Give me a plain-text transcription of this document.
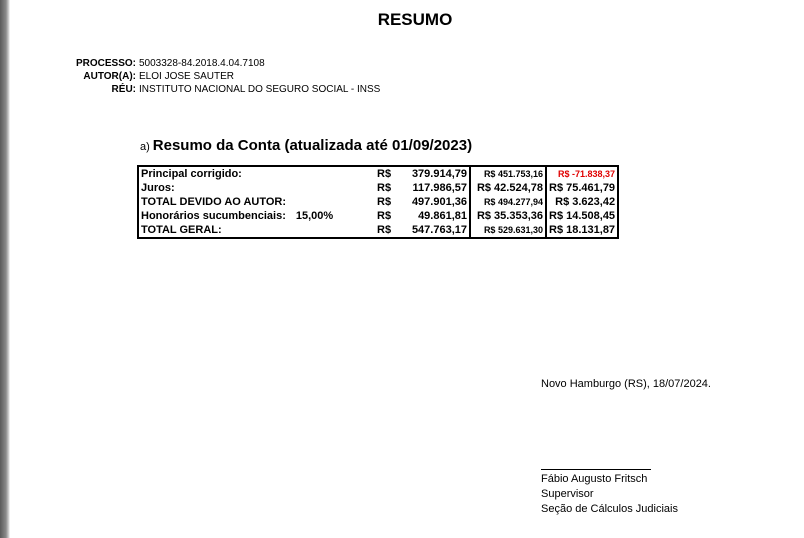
RESUMO
PROCESSO: 5003328-84.2018.4.04.7108
AUTOR(A): ELOI JOSE SAUTER
RÉU: INSTITUTO NACIONAL DO SEGURO SOCIAL - INSS
a) Resumo da Conta (atualizada até 01/09/2023)
Principal corrigido:	R$	379.914,79	R$ 451.753,16	R$ -71.838,37
Juros:	R$	117.986,57	R$ 42.524,78	R$ 75.461,79
TOTAL DEVIDO AO AUTOR:	R$	497.901,36	R$ 494.277,94	R$ 3.623,42
Honorários sucumbenciais: 15,00%	R$	49.861,81	R$ 35.353,36	R$ 14.508,45
TOTAL GERAL:	R$	547.763,17	R$ 529.631,30	R$ 18.131,87
Novo Hamburgo (RS), 18/07/2024.
Fábio Augusto Fritsch
Supervisor
Seção de Cálculos Judiciais
